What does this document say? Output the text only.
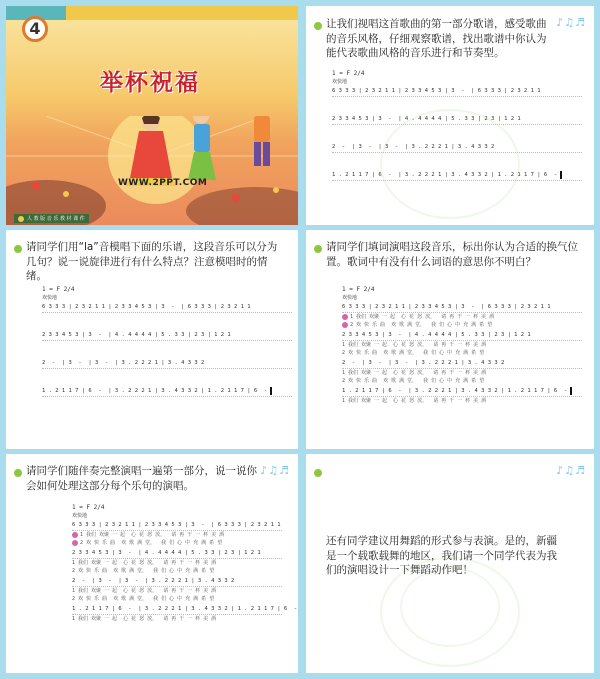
4
举杯祝福
WWW.2PPT.COM
人 教 版 音 乐 教 材 课 件
♪♫♬
让我们视唱这首歌曲的第一部分歌谱，感受歌曲的音乐风格，仔细观察歌谱，找出歌谱中你认为能代表歌曲风格的音乐进行和节奏型。
1 = F 2/4
欢快地
6 3 3 3 | 2 3 2 1 1 | 2 3 3 4 5 3 | 3  -  | 6 3 3 3 | 2 3 2 1 1
2 3 3 4 5 3 | 3  -  | 4 . 4 4 4 4 | 5 . 3 3 | 2 3 | 1 2 1
2  -  | 3  -  | 3  -  | 3 . 2 2 2 1 | 3 . 4 3 3 2
1 . 2 1 1 7 | 6  -  | 3 . 2 2 2 1 | 3 . 4 3 3 2 | 1 . 2 1 1 7 | 6  -
请同学们用“la”音模唱下面的乐谱，这段音乐可以分为几句？说一说旋律进行有什么特点？注意模唱时的情绪。
1 = F 2/4
欢快地
6 3 3 3 | 2 3 2 1 1 | 2 3 3 4 5 3 | 3  -  | 6 3 3 3 | 2 3 2 1 1
2 3 3 4 5 3 | 3  -  | 4 . 4 4 4 4 | 5 . 3 3 | 2 3 | 1 2 1
2  -  | 3  -  | 3  -  | 3 . 2 2 2 1 | 3 . 4 3 3 2
1 . 2 1 1 7 | 6  -  | 3 . 2 2 2 1 | 3 . 4 3 3 2 | 1 . 2 1 1 7 | 6  -
请同学们填词演唱这段音乐，标出你认为合适的换气位置。歌词中有没有什么词语的意思你不明白？
1 = F 2/4
欢快地
6 3 3 3 | 2 3 2 1 1 | 2 3 3 4 5 3 | 3  -  | 6 3 3 3 | 2 3 2 1 1
1 我们 欢聚 一 起  心 花 怒 放，  请 再 干 一 杯 美 酒
2 欢 快 乐 曲  欢 歌 满 堂，  我 们 心 中 充 满 希 望
2 3 3 4 5 3 | 3  -  | 4 . 4 4 4 4 | 5 . 3 3 | 2 3 | 1 2 1
1 我们 欢聚 一 起  心 花 怒 放，  请 再 干 一 杯 美 酒
2 欢 快 乐 曲  欢 歌 满 堂，  我 们 心 中 充 满 希 望
2  -  | 3  -  | 3  -  | 3 . 2 2 2 1 | 3 . 4 3 3 2
1 我们 欢聚 一 起  心 花 怒 放，  请 再 干 一 杯 美 酒
2 欢 快 乐 曲  欢 歌 满 堂，  我 们 心 中 充 满 希 望
1 . 2 1 1 7 | 6  -  | 3 . 2 2 2 1 | 3 . 4 3 3 2 | 1 . 2 1 1 7 | 6  -
1 我们 欢聚 一 起  心 花 怒 放，  请 再 干 一 杯 美 酒
♪♫♬
请同学们随伴奏完整演唱一遍第一部分，说一说你会如何处理这部分每个乐句的演唱。
1 = F 2/4
欢快地
6 3 3 3 | 2 3 2 1 1 | 2 3 3 4 5 3 | 3  -  | 6 3 3 3 | 2 3 2 1 1
1 我们 欢聚 一 起  心 花 怒 放，  请 再 干 一 杯 美 酒
2 欢 快 乐 曲  欢 歌 满 堂，  我 们 心 中 充 满 希 望
2 3 3 4 5 3 | 3  -  | 4 . 4 4 4 4 | 5 . 3 3 | 2 3 | 1 2 1
1 我们 欢聚 一 起  心 花 怒 放，  请 再 干 一 杯 美 酒
2 欢 快 乐 曲  欢 歌 满 堂，  我 们 心 中 充 满 希 望
2  -  | 3  -  | 3  -  | 3 . 2 2 2 1 | 3 . 4 3 3 2
1 我们 欢聚 一 起  心 花 怒 放，  请 再 干 一 杯 美 酒
2 欢 快 乐 曲  欢 歌 满 堂，  我 们 心 中 充 满 希 望
1 . 2 1 1 7 | 6  -  | 3 . 2 2 2 1 | 3 . 4 3 3 2 | 1 . 2 1 1 7 | 6  -
1 我们 欢聚 一 起  心 花 怒 放，  请 再 干 一 杯 美 酒
♪♫♬
还有同学建议用舞蹈的形式参与表演。是的，新疆是一个载歌载舞的地区，我们请一个同学代表为我们的演唱设计一下舞蹈动作吧！
